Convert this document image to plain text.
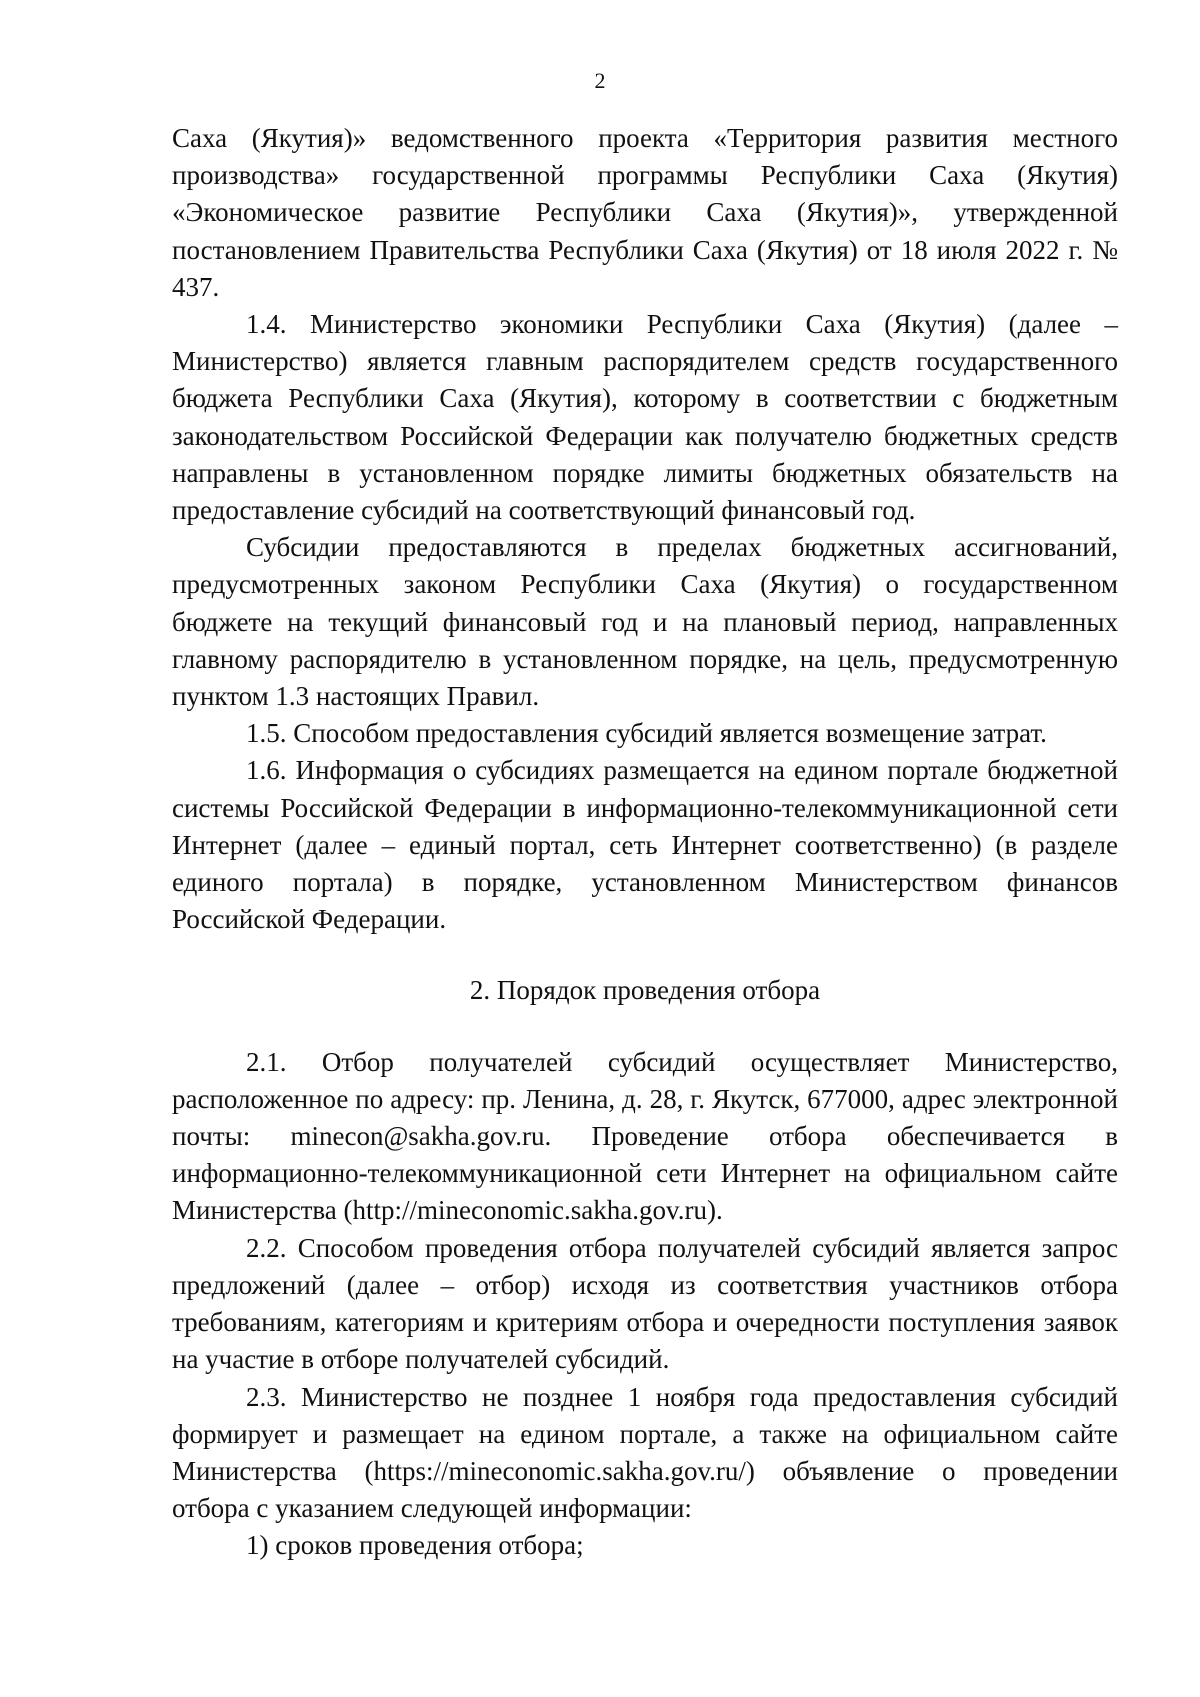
2

Саха (Якутия)» ведомственного проекта «Территория развития местного производства» государственной программы Республики Саха (Якутия) «Экономическое развитие Республики Саха (Якутия)», утвержденной постановлением Правительства Республики Саха (Якутия) от 18 июля 2022 г. № 437.

1.4. Министерство экономики Республики Саха (Якутия) (далее – Министерство) является главным распорядителем средств государственного бюджета Республики Саха (Якутия), которому в соответствии с бюджетным законодательством Российской Федерации как получателю бюджетных средств направлены в установленном порядке лимиты бюджетных обязательств на предоставление субсидий на соответствующий финансовый год.

Субсидии предоставляются в пределах бюджетных ассигнований, предусмотренных законом Республики Саха (Якутия) о государственном бюджете на текущий финансовый год и на плановый период, направленных главному распорядителю в установленном порядке, на цель, предусмотренную пунктом 1.3 настоящих Правил.

1.5. Способом предоставления субсидий является возмещение затрат.

1.6. Информация о субсидиях размещается на едином портале бюджетной системы Российской Федерации в информационно-телекоммуникационной сети Интернет (далее – единый портал, сеть Интернет соответственно) (в разделе единого портала) в порядке, установленном Министерством финансов Российской Федерации.

2. Порядок проведения отбора

2.1. Отбор получателей субсидий осуществляет Министерство, расположенное по адресу: пр. Ленина, д. 28, г. Якутск, 677000, адрес электронной почты: minecon@sakha.gov.ru. Проведение отбора обеспечивается в информационно-телекоммуникационной сети Интернет на официальном сайте Министерства (http://mineconomic.sakha.gov.ru).

2.2. Способом проведения отбора получателей субсидий является запрос предложений (далее – отбор) исходя из соответствия участников отбора требованиям, категориям и критериям отбора и очередности поступления заявок на участие в отборе получателей субсидий.

2.3. Министерство не позднее 1 ноября года предоставления субсидий формирует и размещает на едином портале, а также на официальном сайте Министерства (https://mineconomic.sakha.gov.ru/) объявление о проведении отбора с указанием следующей информации:

1) сроков проведения отбора;
